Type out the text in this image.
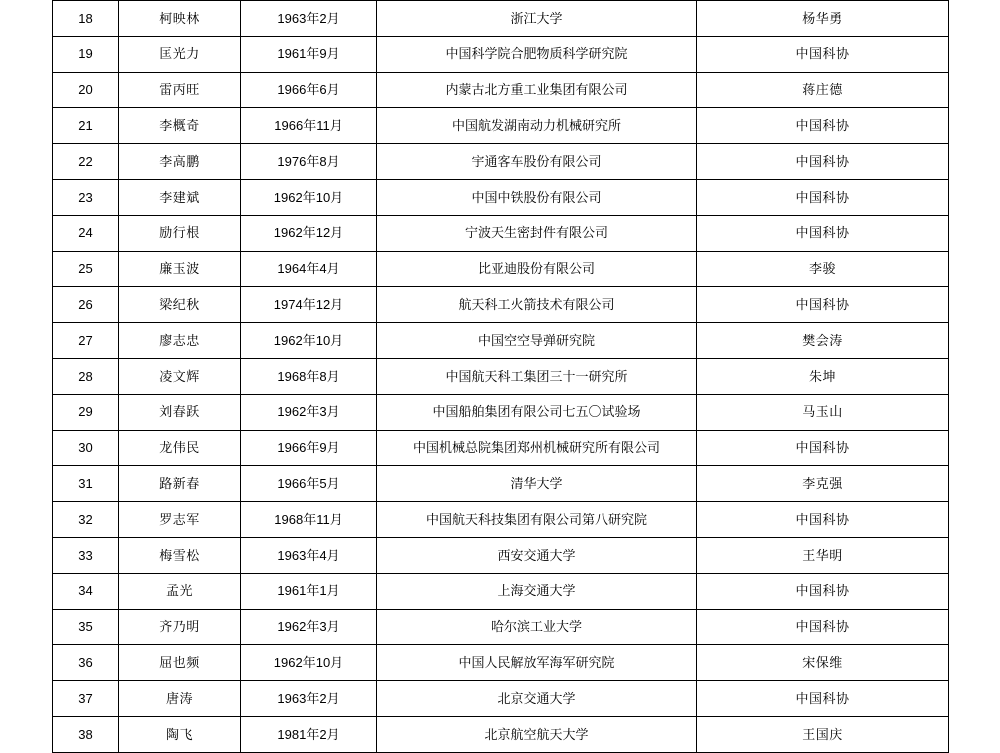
18	柯映林	1963年2月	浙江大学	杨华勇
19	匡光力	1961年9月	中国科学院合肥物质科学研究院	中国科协
20	雷丙旺	1966年6月	内蒙古北方重工业集团有限公司	蒋庄德
21	李概奇	1966年11月	中国航发湖南动力机械研究所	中国科协
22	李高鹏	1976年8月	宇通客车股份有限公司	中国科协
23	李建斌	1962年10月	中国中铁股份有限公司	中国科协
24	励行根	1962年12月	宁波天生密封件有限公司	中国科协
25	廉玉波	1964年4月	比亚迪股份有限公司	李骏
26	梁纪秋	1974年12月	航天科工火箭技术有限公司	中国科协
27	廖志忠	1962年10月	中国空空导弹研究院	樊会涛
28	凌文辉	1968年8月	中国航天科工集团三十一研究所	朱坤
29	刘春跃	1962年3月	中国船舶集团有限公司七五〇试验场	马玉山
30	龙伟民	1966年9月	中国机械总院集团郑州机械研究所有限公司	中国科协
31	路新春	1966年5月	清华大学	李克强
32	罗志军	1968年11月	中国航天科技集团有限公司第八研究院	中国科协
33	梅雪松	1963年4月	西安交通大学	王华明
34	孟光	1961年1月	上海交通大学	中国科协
35	齐乃明	1962年3月	哈尔滨工业大学	中国科协
36	屈也频	1962年10月	中国人民解放军海军研究院	宋保维
37	唐涛	1963年2月	北京交通大学	中国科协
38	陶飞	1981年2月	北京航空航天大学	王国庆
